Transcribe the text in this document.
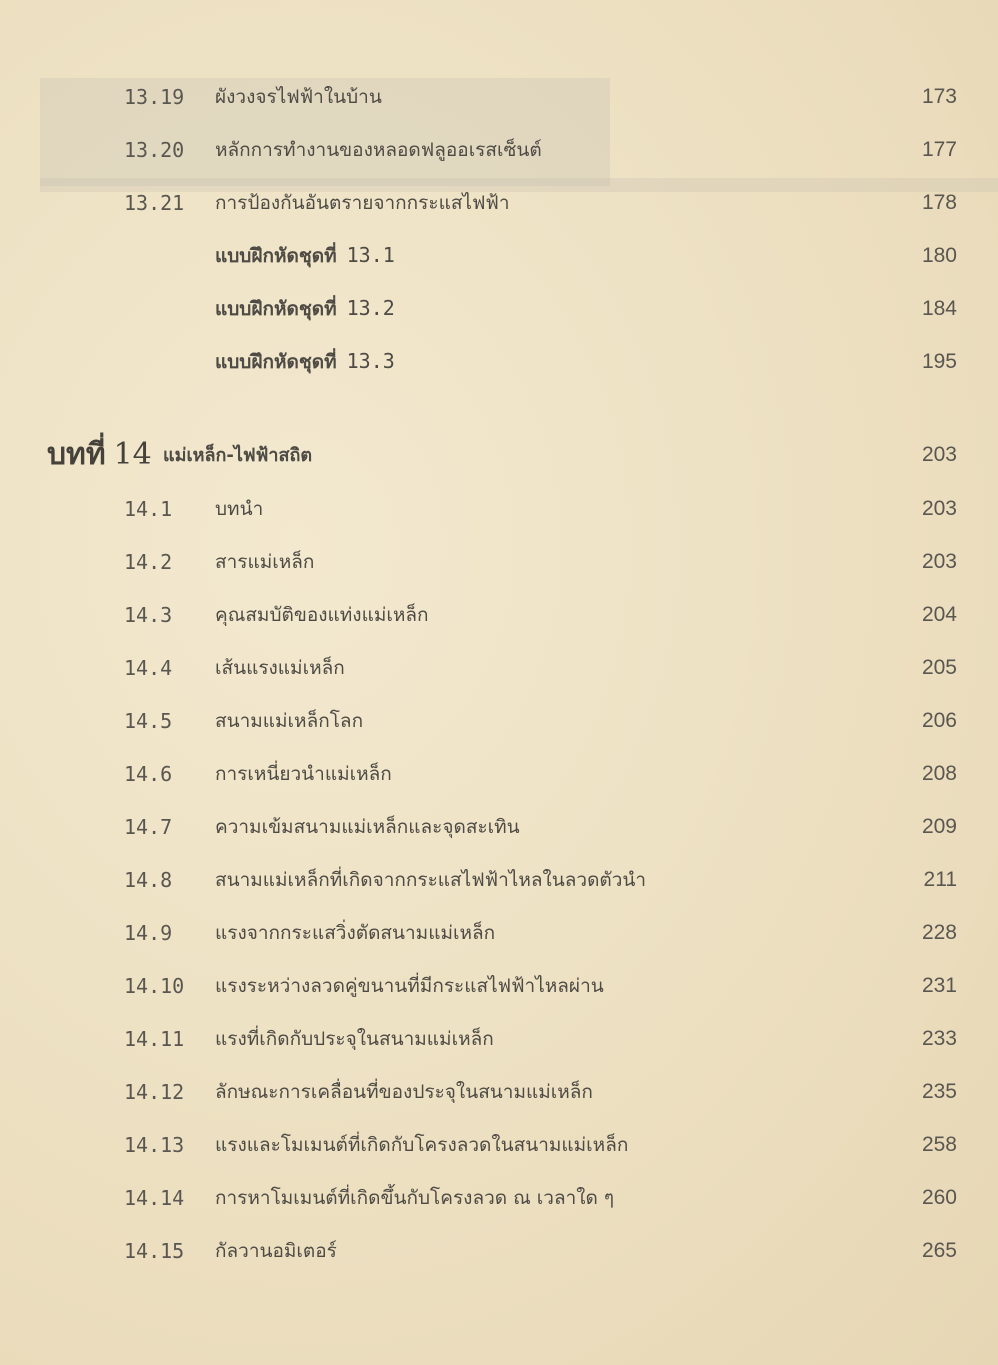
13.19 ผังวงจรไฟฟ้าในบ้าน	173
13.20 หลักการทำงานของหลอดฟลูออเรสเซ็นต์	177
13.21 การป้องกันอันตรายจากกระแสไฟฟ้า	178
แบบฝึกหัดชุดที่ 13.1	180
แบบฝึกหัดชุดที่ 13.2	184
แบบฝึกหัดชุดที่ 13.3	195
บทที่ 14 แม่เหล็ก-ไฟฟ้าสถิต	203
14.1 บทนำ	203
14.2 สารแม่เหล็ก	203
14.3 คุณสมบัติของแท่งแม่เหล็ก	204
14.4 เส้นแรงแม่เหล็ก	205
14.5 สนามแม่เหล็กโลก	206
14.6 การเหนี่ยวนำแม่เหล็ก	208
14.7 ความเข้มสนามแม่เหล็กและจุดสะเทิน	209
14.8 สนามแม่เหล็กที่เกิดจากกระแสไฟฟ้าไหลในลวดตัวนำ	211
14.9 แรงจากกระแสวิ่งตัดสนามแม่เหล็ก	228
14.10 แรงระหว่างลวดคู่ขนานที่มีกระแสไฟฟ้าไหลผ่าน	231
14.11 แรงที่เกิดกับประจุในสนามแม่เหล็ก	233
14.12 ลักษณะการเคลื่อนที่ของประจุในสนามแม่เหล็ก	235
14.13 แรงและโมเมนต์ที่เกิดกับโครงลวดในสนามแม่เหล็ก	258
14.14 การหาโมเมนต์ที่เกิดขึ้นกับโครงลวด ณ เวลาใด ๆ	260
14.15 กัลวานอมิเตอร์	265
